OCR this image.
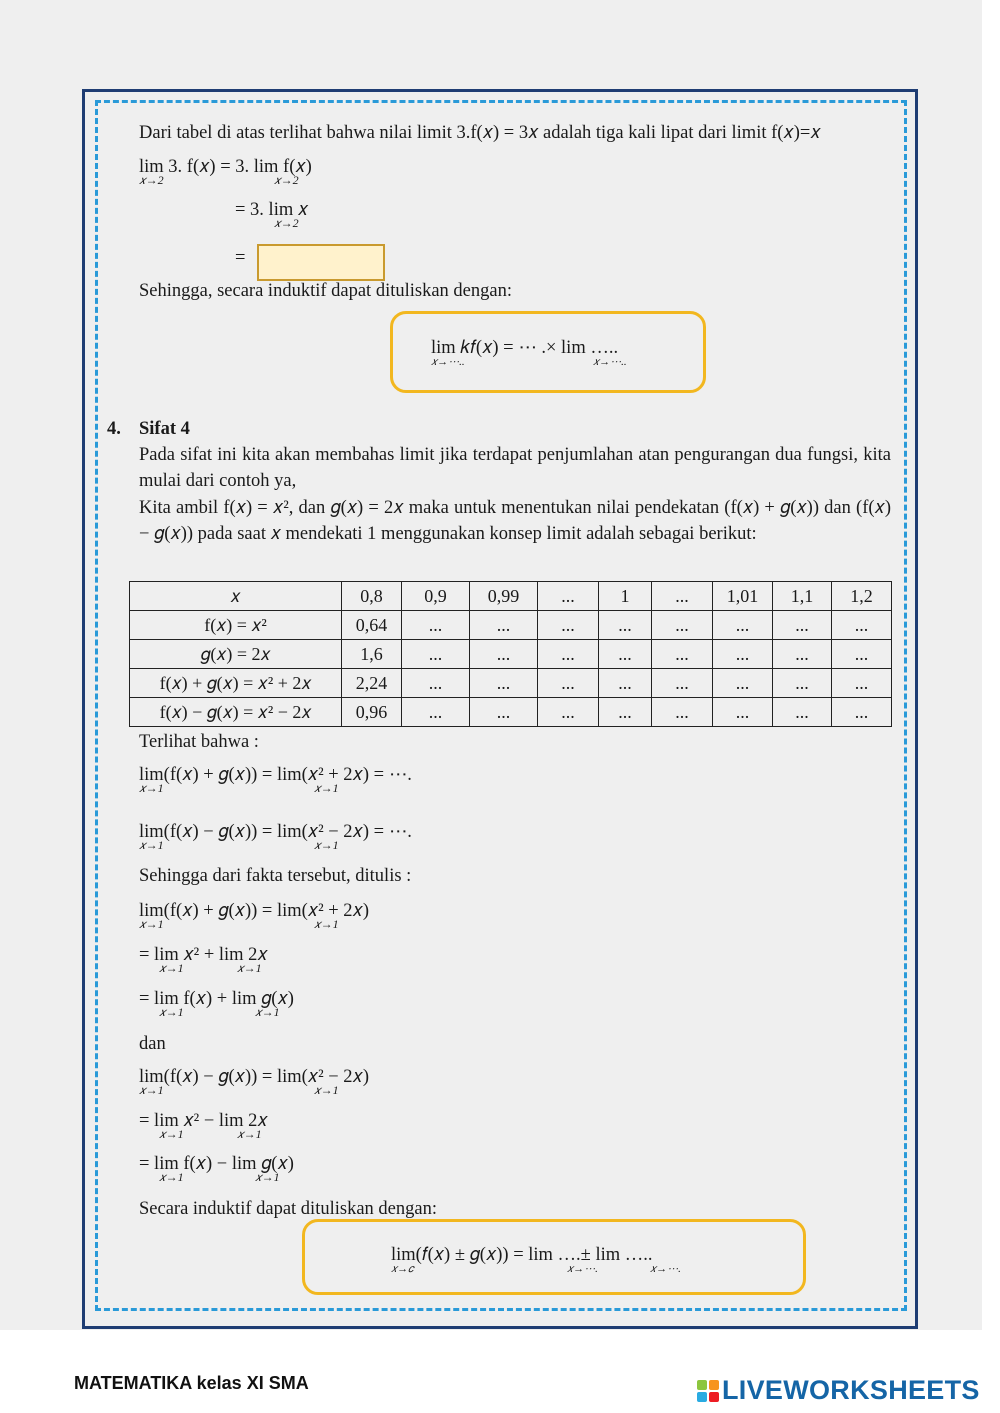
Dari tabel di atas terlihat bahwa nilai limit 3.f(𝑥) = 3𝑥 adalah tiga kali lipat dari limit f(𝑥)=𝑥
lim 3. f(𝑥) = 3. lim f(𝑥)
𝑥→2	𝑥→2
= 3. lim 𝑥
𝑥→2
=
Sehingga, secara induktif dapat dituliskan dengan:
lim 𝑘𝑓(𝑥) = ⋯ .× lim …..
𝑥→⋯..	𝑥→⋯..
4. Sifat 4
Pada sifat ini kita akan membahas limit jika terdapat penjumlahan atan pengurangan dua fungsi, kita mulai dari contoh ya,
Kita ambil f(𝑥) = 𝑥², dan 𝑔(𝑥) = 2𝑥 maka untuk menentukan nilai pendekatan (f(𝑥) + 𝑔(𝑥)) dan (f(𝑥) − 𝑔(𝑥)) pada saat 𝑥 mendekati 1 menggunakan konsep limit adalah sebagai berikut:
𝑥	0,8	0,9	0,99	...	1	...	1,01	1,1	1,2
f(𝑥) = 𝑥²	0,64	...	...	...	...	...	...	...	...
𝑔(𝑥) = 2𝑥	1,6	...	...	...	...	...	...	...	...
f(𝑥) + 𝑔(𝑥) = 𝑥² + 2𝑥	2,24	...	...	...	...	...	...	...	...
f(𝑥) − 𝑔(𝑥) = 𝑥² − 2𝑥	0,96	...	...	...	...	...	...	...	...
Terlihat bahwa :
lim(f(𝑥) + 𝑔(𝑥)) = lim(𝑥² + 2𝑥) = ⋯.
𝑥→1	𝑥→1
lim(f(𝑥) − 𝑔(𝑥)) = lim(𝑥² − 2𝑥) = ⋯.
𝑥→1	𝑥→1
Sehingga dari fakta tersebut, ditulis :
lim(f(𝑥) + 𝑔(𝑥)) = lim(𝑥² + 2𝑥)
𝑥→1	𝑥→1
= lim 𝑥² + lim 2𝑥
𝑥→1	𝑥→1
= lim f(𝑥) + lim 𝑔(𝑥)
𝑥→1	𝑥→1
dan
lim(f(𝑥) − 𝑔(𝑥)) = lim(𝑥² − 2𝑥)
𝑥→1	𝑥→1
= lim 𝑥² − lim 2𝑥
𝑥→1	𝑥→1
= lim f(𝑥) − lim 𝑔(𝑥)
𝑥→1	𝑥→1
Secara induktif dapat dituliskan dengan:
lim(𝑓(𝑥) ± 𝑔(𝑥)) = lim ….± lim …..
𝑥→𝑐	𝑥→⋯.	𝑥→⋯.
MATEMATIKA kelas XI SMA	LIVEWORKSHEETS
